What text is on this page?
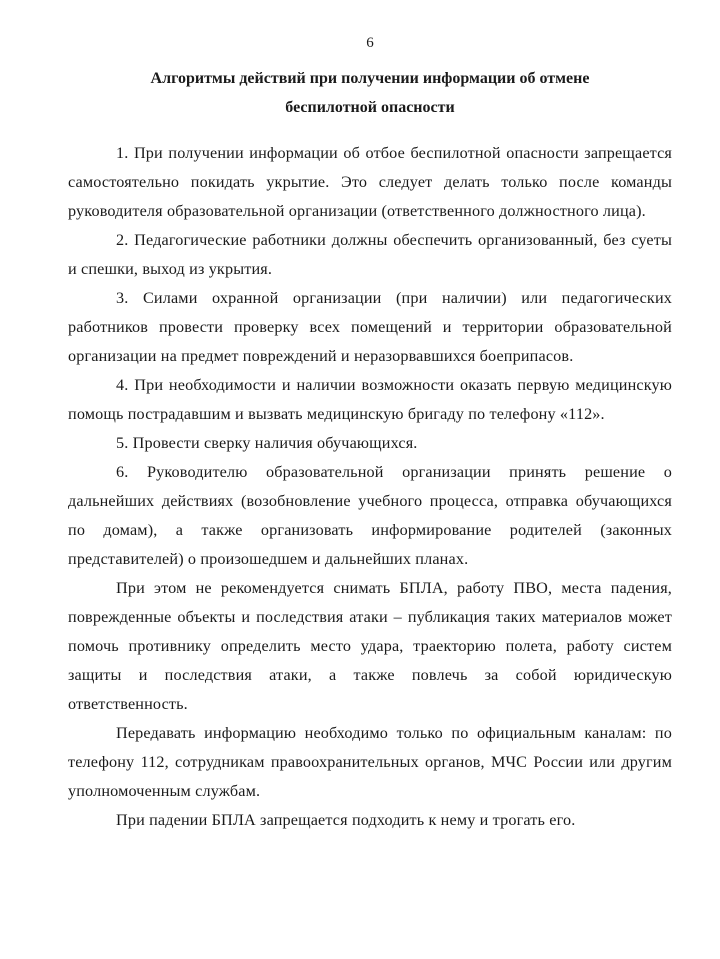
6
Алгоритмы действий при получении информации об отмене
беспилотной опасности

1. При получении информации об отбое беспилотной опасности запрещается самостоятельно покидать укрытие. Это следует делать только после команды руководителя образовательной организации (ответственного должностного лица).

2. Педагогические работники должны обеспечить организованный, без суеты и спешки, выход из укрытия.

3. Силами охранной организации (при наличии) или педагогических работников провести проверку всех помещений и территории образовательной организации на предмет повреждений и неразорвавшихся боеприпасов.

4. При необходимости и наличии возможности оказать первую медицинскую помощь пострадавшим и вызвать медицинскую бригаду по телефону «112».

5. Провести сверку наличия обучающихся.

6. Руководителю образовательной организации принять решение о дальнейших действиях (возобновление учебного процесса, отправка обучающихся по домам), а также организовать информирование родителей (законных представителей) о произошедшем и дальнейших планах.

При этом не рекомендуется снимать БПЛА, работу ПВО, места падения, поврежденные объекты и последствия атаки – публикация таких материалов может помочь противнику определить место удара, траекторию полета, работу систем защиты и последствия атаки, а также повлечь за собой юридическую ответственность.

Передавать информацию необходимо только по официальным каналам: по телефону 112, сотрудникам правоохранительных органов, МЧС России или другим уполномоченным службам.

При падении БПЛА запрещается подходить к нему и трогать его.
